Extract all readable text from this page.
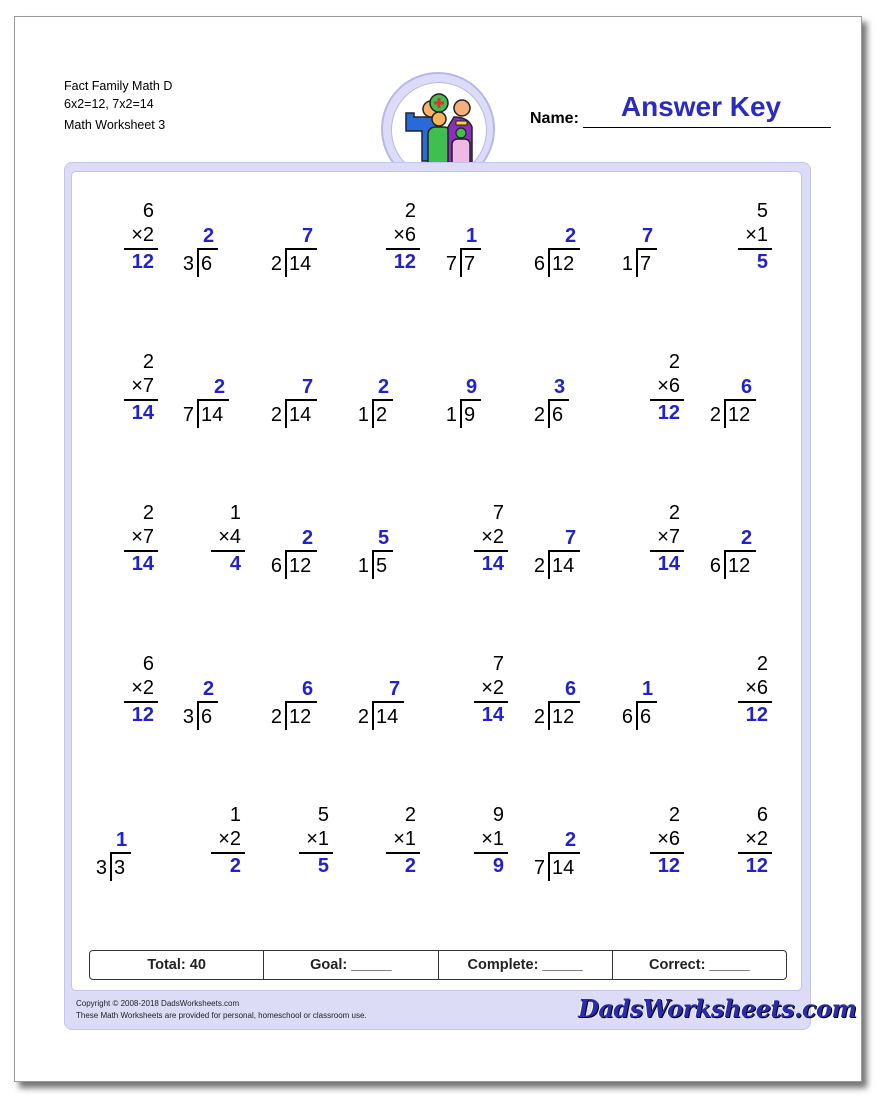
Fact Family Math D
6x2=12, 7x2=14
Math Worksheet 3	Name:	Answer Key
6
×2
12	3 6
2
2 14
7
2
×6
12	7 7
1
6 12
2
1 7
7
5
×1
5
2
×7
14	7 14
2
2 14
7
1 2
2
1 9
9
2 6
3
2
×6
12	2 12
6
2
×7
14
1
×4
4	6 12
2
1 5
5
7
×2
14	2 14
7
2
×7
14	6 12
2
6
×2
12	3 6
2
2 12
6
2 14
7
7
×2
14	2 12
6
6 6
1
2
×6
12
3 3
1
1
×2
2
5
×1
5
2
×1
2
9
×1
9	7 14
2
2
×6
12
6
×2
12
Total: 40	Goal: _____	Complete: _____	Correct: _____
Copyright © 2008-2018 DadsWorksheets.com
These Math Worksheets are provided for personal, homeschool or classroom use.	DadsWorksheets.com
